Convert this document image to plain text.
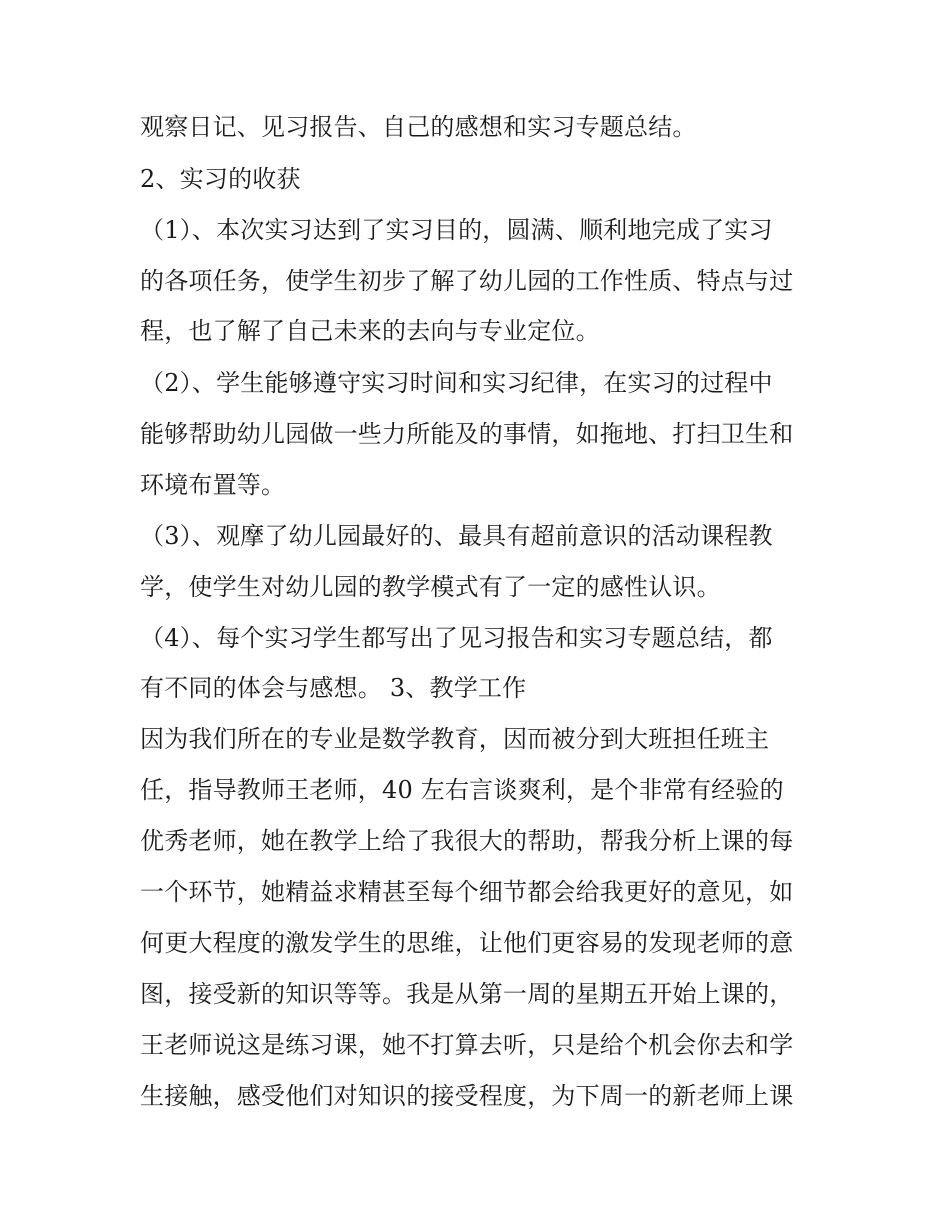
观察日记、见习报告、自己的感想和实习专题总结。
2、实习的收获
（1）、本次实习达到了实习目的，圆满、顺利地完成了实习
的各项任务，使学生初步了解了幼儿园的工作性质、特点与过
程，也了解了自己未来的去向与专业定位。
（2）、学生能够遵守实习时间和实习纪律，在实习的过程中
能够帮助幼儿园做一些力所能及的事情，如拖地、打扫卫生和
环境布置等。
（3）、观摩了幼儿园最好的、最具有超前意识的活动课程教
学，使学生对幼儿园的教学模式有了一定的感性认识。
（4）、每个实习学生都写出了见习报告和实习专题总结，都
有不同的体会与感想。 3、教学工作
因为我们所在的专业是数学教育，因而被分到大班担任班主
任，指导教师王老师，40 左右言谈爽利，是个非常有经验的
优秀老师，她在教学上给了我很大的帮助，帮我分析上课的每
一个环节，她精益求精甚至每个细节都会给我更好的意见，如
何更大程度的激发学生的思维，让他们更容易的发现老师的意
图，接受新的知识等等。我是从第一周的星期五开始上课的，
王老师说这是练习课，她不打算去听，只是给个机会你去和学
生接触，感受他们对知识的接受程度，为下周一的新老师上课
